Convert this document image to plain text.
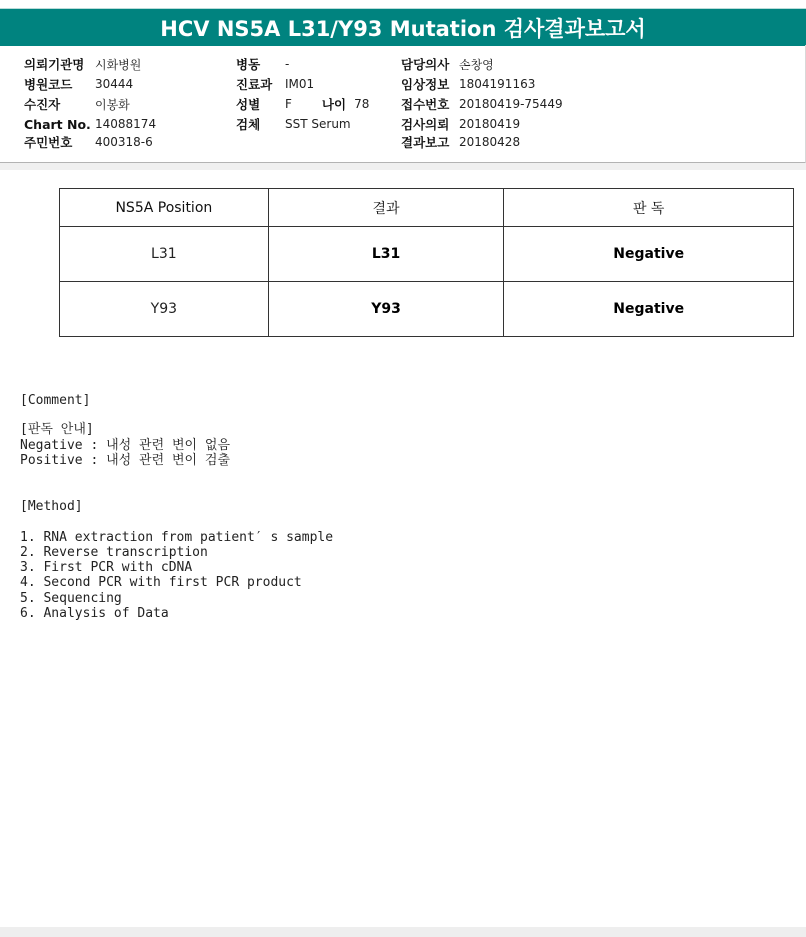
HCV NS5A L31/Y93 Mutation 검사결과보고서
의뢰기관명 시화병원
병원코드	30444
수진자	이봉화
Chart No. 14088174
주민번호	400318-6
병동	-
진료과	IM01
성별	F 나이 78
검체	SST Serum
담당의사 손창영
임상정보 1804191163
접수번호 20180419-75449
검사의뢰 20180419
결과보고 20180428
NS5A Position	결과	판 독
L31	L31	Negative
Y93	Y93	Negative
[Comment]
[판독 안내]
Negative : 내성 관련 변이 없음
Positive : 내성 관련 변이 검출
[Method]
1. RNA extraction from patient′ s sample
2. Reverse transcription
3. First PCR with cDNA
4. Second PCR with first PCR product
5. Sequencing
6. Analysis of Data
